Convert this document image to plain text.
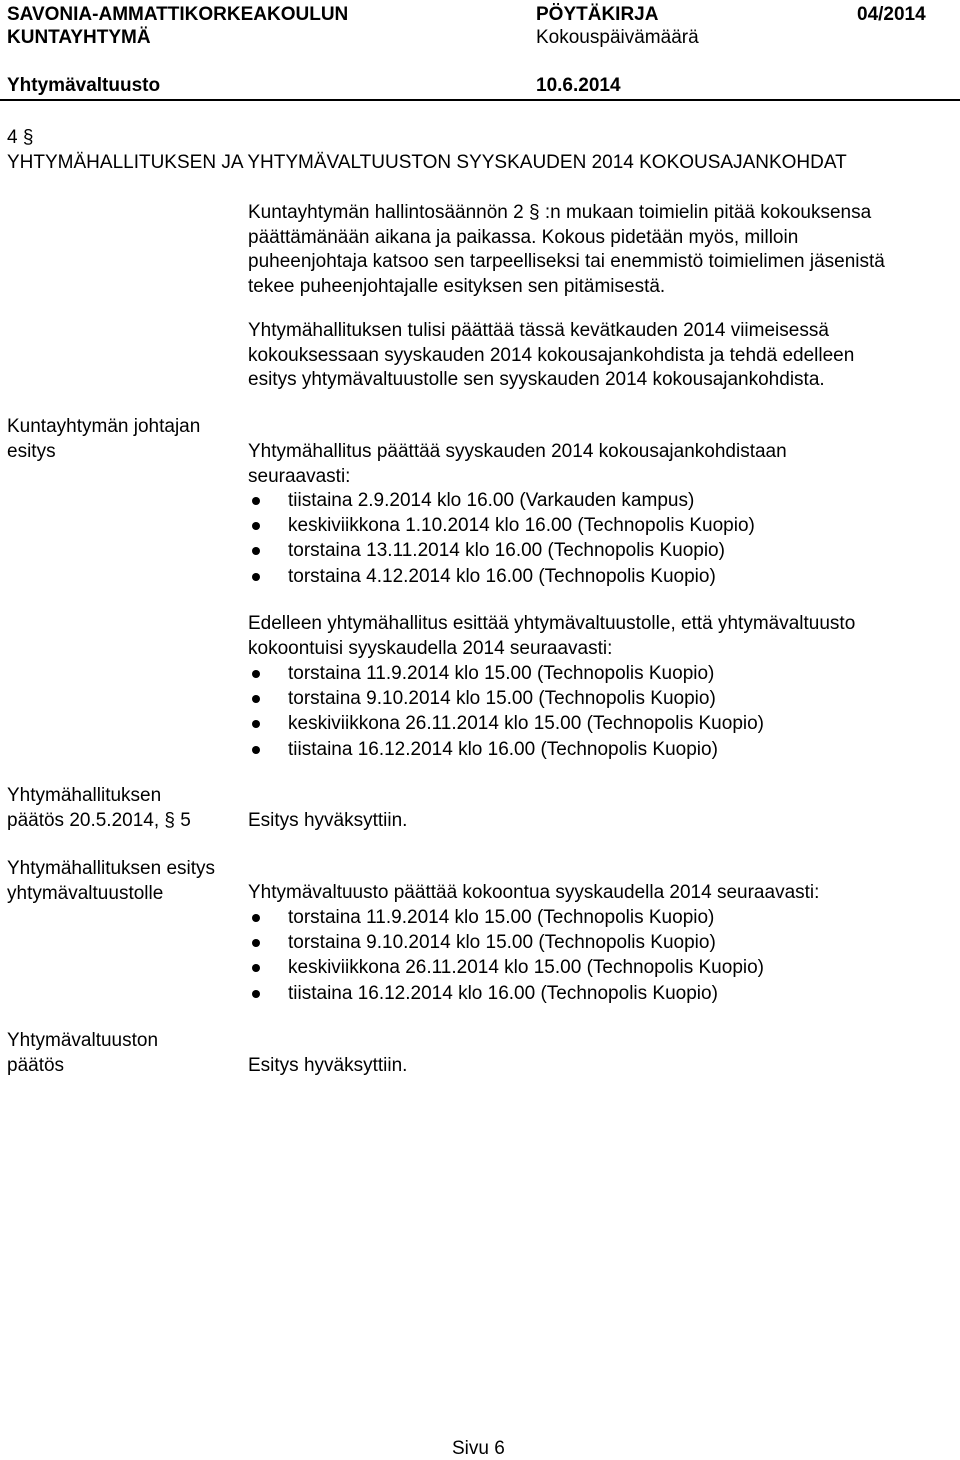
SAVONIA-AMMATTIKORKEAKOULUN
KUNTAYHTYMÄ
PÖYTÄKIRJA	04/2014
Kokouspäivämäärä
Yhtymävaltuusto	10.6.2014
4 §
YHTYMÄHALLITUKSEN JA YHTYMÄVALTUUSTON SYYSKAUDEN 2014 KOKOUSAJANKOHDAT
Kuntayhtymän hallintosäännön 2 § :n mukaan toimielin pitää kokouksensa
päättämänään aikana ja paikassa. Kokous pidetään myös, milloin
puheenjohtaja katsoo sen tarpeelliseksi tai enemmistö toimielimen jäsenistä
tekee puheenjohtajalle esityksen sen pitämisestä.
Yhtymähallituksen tulisi päättää tässä kevätkauden 2014 viimeisessä
kokouksessaan syyskauden 2014 kokousajankohdista ja tehdä edelleen
esitys yhtymävaltuustolle sen syyskauden 2014 kokousajankohdista.
Kuntayhtymän johtajan
esitys	Yhtymähallitus päättää syyskauden 2014 kokousajankohdistaan
seuraavasti:
tiistaina 2.9.2014 klo 16.00 (Varkauden kampus)
keskiviikkona 1.10.2014 klo 16.00 (Technopolis Kuopio)
torstaina 13.11.2014 klo 16.00 (Technopolis Kuopio)
torstaina 4.12.2014 klo 16.00 (Technopolis Kuopio)
Edelleen yhtymähallitus esittää yhtymävaltuustolle, että yhtymävaltuusto
kokoontuisi syyskaudella 2014 seuraavasti:
torstaina 11.9.2014 klo 15.00 (Technopolis Kuopio)
torstaina 9.10.2014 klo 15.00 (Technopolis Kuopio)
keskiviikkona 26.11.2014 klo 15.00 (Technopolis Kuopio)
tiistaina 16.12.2014 klo 16.00 (Technopolis Kuopio)
Yhtymähallituksen
päätös 20.5.2014, § 5	Esitys hyväksyttiin.
Yhtymähallituksen esitys
yhtymävaltuustolle	Yhtymävaltuusto päättää kokoontua syyskaudella 2014 seuraavasti:
torstaina 11.9.2014 klo 15.00 (Technopolis Kuopio)
torstaina 9.10.2014 klo 15.00 (Technopolis Kuopio)
keskiviikkona 26.11.2014 klo 15.00 (Technopolis Kuopio)
tiistaina 16.12.2014 klo 16.00 (Technopolis Kuopio)
Yhtymävaltuuston
päätös	Esitys hyväksyttiin.
Sivu 6
